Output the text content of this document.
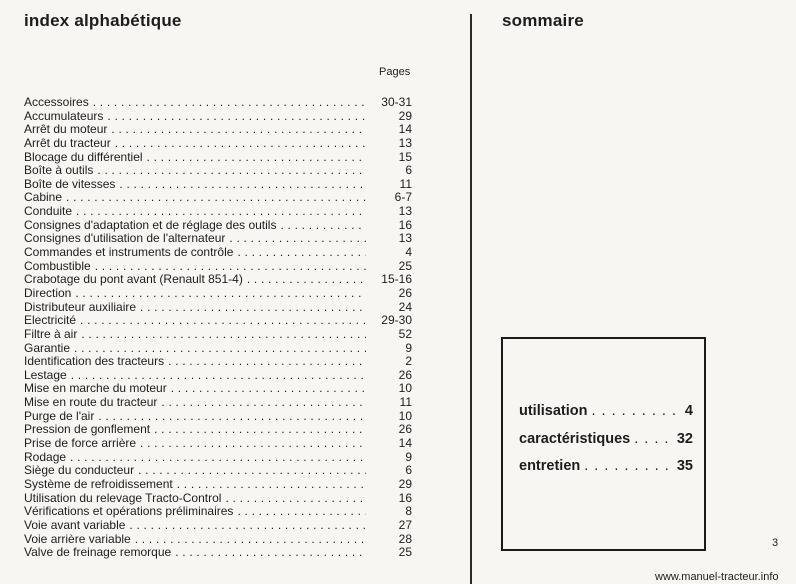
index alphabétique
Pages
Accessoires . . .	30-31
Accumulateurs . . .	29
Arrêt du moteur . . .	14
Arrêt du tracteur . . .	13
Blocage du différentiel . . .	15
Boîte à outils . . .	6
Boîte de vitesses . . .	11
Cabine . . .	6-7
Conduite . . .	13
Consignes d'adaptation et de réglage des outils . . .	16
Consignes d'utilisation de l'alternateur . . .	13
Commandes et instruments de contrôle . . .	4
Combustible . . .	25
Crabotage du pont avant (Renault 851-4) . . .	15-16
Direction . . .	26
Distributeur auxiliaire . . .	24
Electricité . . .	29-30
Filtre à air . . .	52
Garantie . . .	9
Identification des tracteurs . . .	2
Lestage . . .	26
Mise en marche du moteur . . .	10
Mise en route du tracteur . . .	11
Purge de l'air . . .	10
Pression de gonflement . . .	26
Prise de force arrière . . .	14
Rodage . . .	9
Siège du conducteur . . .	6
Système de refroidissement . . .	29
Utilisation du relevage Tracto-Control . . .	16
Vérifications et opérations préliminaires . . .	8
Voie avant variable . . .	27
Voie arrière variable . . .	28
Valve de freinage remorque . . .	25
sommaire
utilisation . . .	4
caractéristiques . . .	32
entretien . . .	35
3
www.manuel-tracteur.info
